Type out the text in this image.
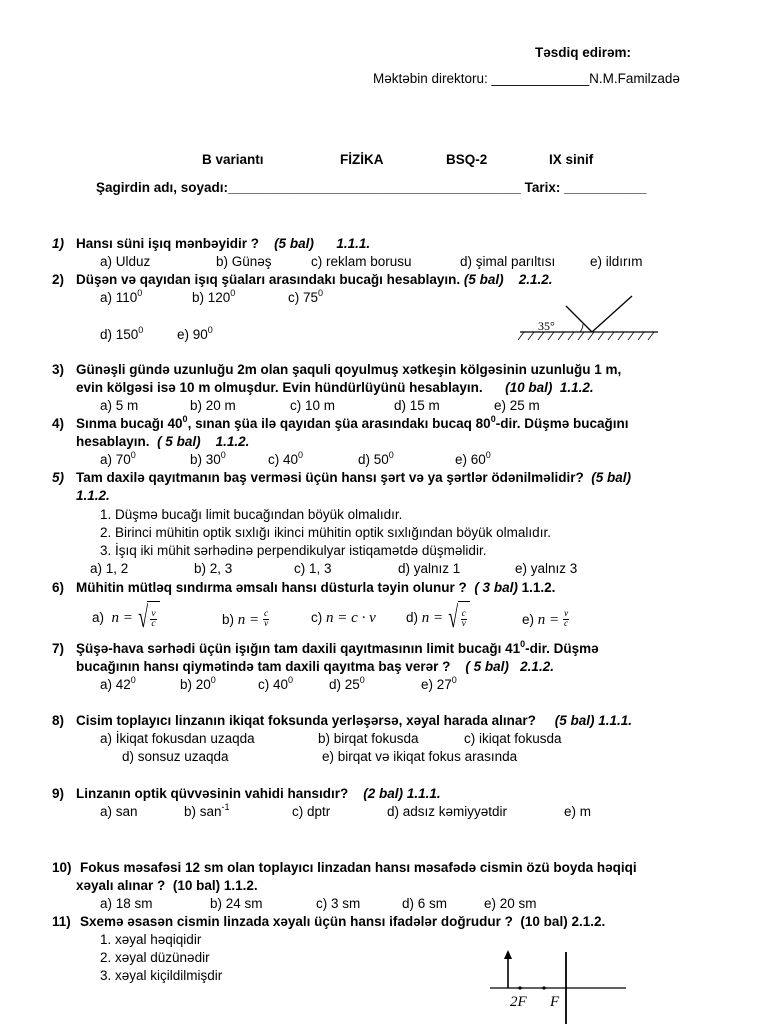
Təsdiq edirəm:
Məktəbin direktoru: _____________N.M.Familzadə
B variantı	FİZİKA	BSQ-2	IX sinif
Şagirdin adı, soyadı:_______________________________________ Tarix: ___________
1) Hansı süni işıq mənbəyidir ? (5 bal) 1.1.1.
a) Ulduz	b) Günəş	c) reklam borusu	d) şimal parıltısı	e) ildırım
2) Düşən və qayıdan işıq şüaları arasındakı bucağı hesablayın. (5 bal) 2.1.2.
a) $110^0$	b) $120^0$	c) $75^0$
d) $150^0$ e) $90^0$	35°
3) Günəşli gündə uzunluğu 2m olan şaquli qoyulmuş xətkeşin kölgəsinin uzunluğu 1 m,
evin kölgəsi isə 10 m olmuşdur. Evin hündürlüyünü hesablayın. (10 bal) 1.1.2.
a) 5 m	b) 20 m	c) 10 m	d) 15 m	e) 25 m
4) Sınma bucağı $40^0$, sınan şüa ilə qayıdan şüa arasındakı bucaq $80^0$-dir. Düşmə bucağını
hesablayın. ( 5 bal) 1.1.2.
a) $70^0$	b) $30^0$	c) $40^0$	d) $50^0$	e) $60^0$
5) Tam daxilə qayıtmanın baş verməsi üçün hansı şərt və ya şərtlər ödənilməlidir? (5 bal)
1.1.2.
1. Düşmə bucağı limit bucağından böyük olmalıdır.
2. Birinci mühitin optik sıxlığı ikinci mühitin optik sıxlığından böyük olmalıdır.
3. İşıq iki mühit sərhədinə perpendikulyar istiqamətdə düşməlidir.
a) 1, 2	b) 2, 3	c) 1, 3	d) yalnız 1	e) yalnız 3
6) Mühitin mütləq sındırma əmsalı hansı düsturla təyin olunur ? ( 3 bal) 1.1.2.
a)
n
= √ $\frac{v}{c}$	b)
n
=
$\frac{c}{v}$	c)
n
=
c · v d)
n
= √ $\frac{c}{v}$	e)
n
=
$\frac{v}{c}$
7) Şüşə-hava sərhədi üçün işığın tam daxili qayıtmasının limit bucağı $41^0$-dir. Düşmə
bucağının hansı qiymətində tam daxili qayıtma baş verər ? ( 5 bal) 2.1.2.
a) $42^0$	b) $20^0$	c) $40^0$	d) $25^0$	e) $27^0$
8) Cisim toplayıcı linzanın ikiqat foksunda yerləşərsə, xəyal harada alınar? (5 bal) 1.1.1.
a) İkiqat fokusdan uzaqda	b) birqat fokusda	c) ikiqat fokusda
d) sonsuz uzaqda	e) birqat və ikiqat fokus arasında
9) Linzanın optik qüvvəsinin vahidi hansıdır? (2 bal) 1.1.1.
a) san	b) san$^{-1}$	c) dptr	d) adsız kəmiyyətdir	e) m
10) Fokus məsafəsi 12 sm olan toplayıcı linzadan hansı məsafədə cismin özü boyda həqiqi
xəyalı alınar ? (10 bal) 1.1.2.
a) 18 sm	b) 24 sm	c) 3 sm	d) 6 sm	e) 20 sm
11) Sxemə əsasən cismin linzada xəyalı üçün hansı ifadələr doğrudur ? (10 bal) 2.1.2.
1. xəyal həqiqidir
2. xəyal düzünədir
3. xəyal kiçildilmişdir
2F F
